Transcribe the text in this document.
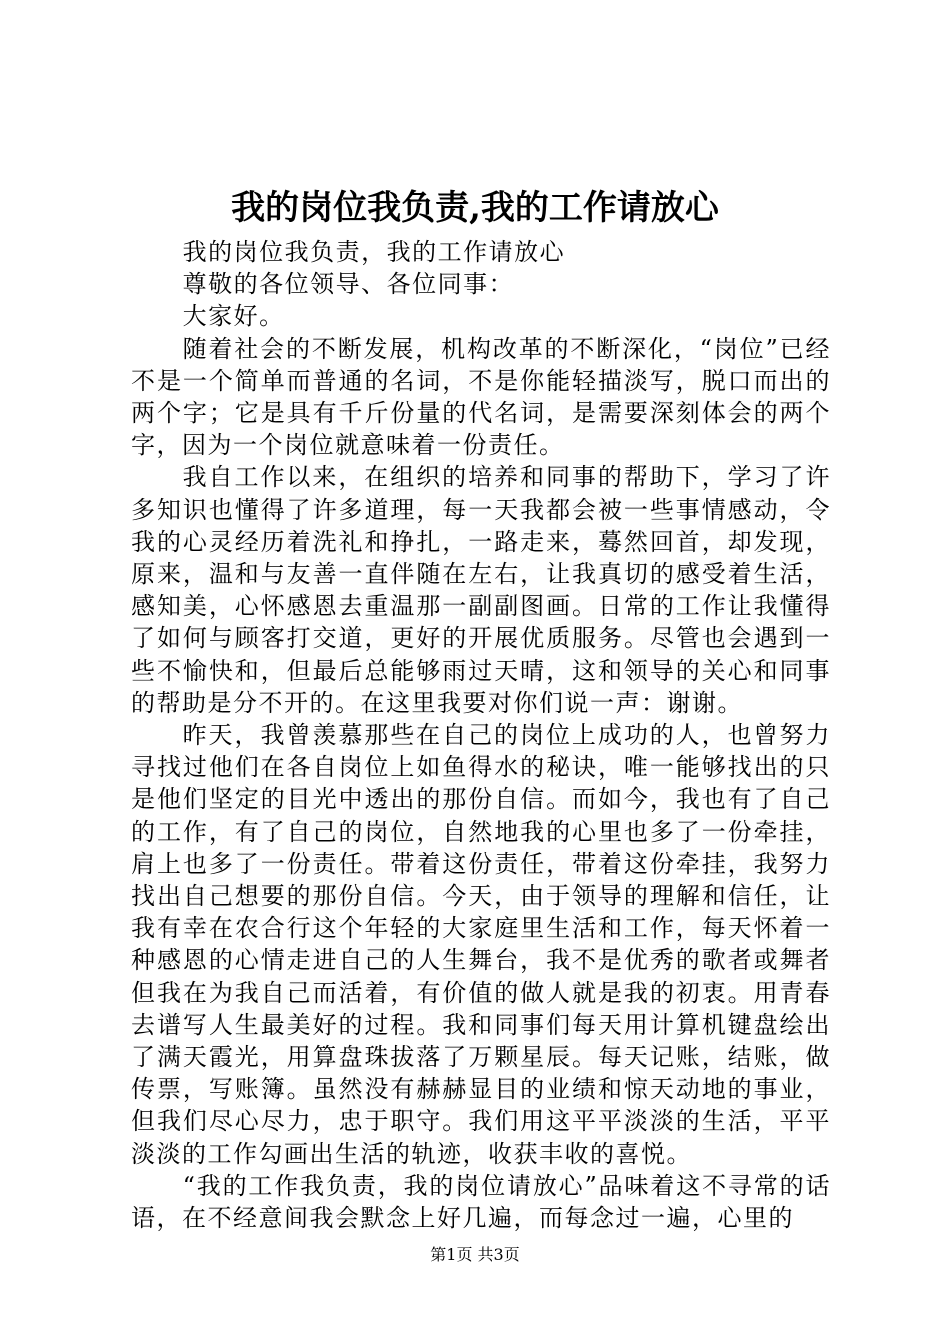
我的岗位我负责,我的工作请放心

我的岗位我负责，我的工作请放心

尊敬的各位领导、各位同事：

大家好。

随着社会的不断发展，机构改革的不断深化，“岗位”已经不是一个简单而普通的名词，不是你能轻描淡写，脱口而出的两个字；它是具有千斤份量的代名词，是需要深刻体会的两个字，因为一个岗位就意味着一份责任。

我自工作以来，在组织的培养和同事的帮助下，学习了许多知识也懂得了许多道理，每一天我都会被一些事情感动，令我的心灵经历着洗礼和挣扎，一路走来，蓦然回首，却发现，原来，温和与友善一直伴随在左右，让我真切的感受着生活，感知美，心怀感恩去重温那一副副图画。日常的工作让我懂得了如何与顾客打交道，更好的开展优质服务。尽管也会遇到一些不愉快和，但最后总能够雨过天晴，这和领导的关心和同事的帮助是分不开的。在这里我要对你们说一声：谢谢。

昨天，我曾羡慕那些在自己的岗位上成功的人，也曾努力寻找过他们在各自岗位上如鱼得水的秘诀，唯一能够找出的只是他们坚定的目光中透出的那份自信。而如今，我也有了自己的工作，有了自己的岗位，自然地我的心里也多了一份牵挂，肩上也多了一份责任。带着这份责任，带着这份牵挂，我努力找出自己想要的那份自信。今天，由于领导的理解和信任，让我有幸在农合行这个年轻的大家庭里生活和工作，每天怀着一种感恩的心情走进自己的人生舞台，我不是优秀的歌者或舞者但我在为我自己而活着，有价值的做人就是我的初衷。用青春去谱写人生最美好的过程。我和同事们每天用计算机键盘绘出了满天霞光，用算盘珠拔落了万颗星辰。每天记账，结账，做传票，写账簿。虽然没有赫赫显目的业绩和惊天动地的事业，但我们尽心尽力，忠于职守。我们用这平平淡淡的生活，平平淡淡的工作勾画出生活的轨迹，收获丰收的喜悦。

“我的工作我负责，我的岗位请放心”品味着这不寻常的话语，在不经意间我会默念上好几遍，而每念过一遍，心里的

第1页 共3页
